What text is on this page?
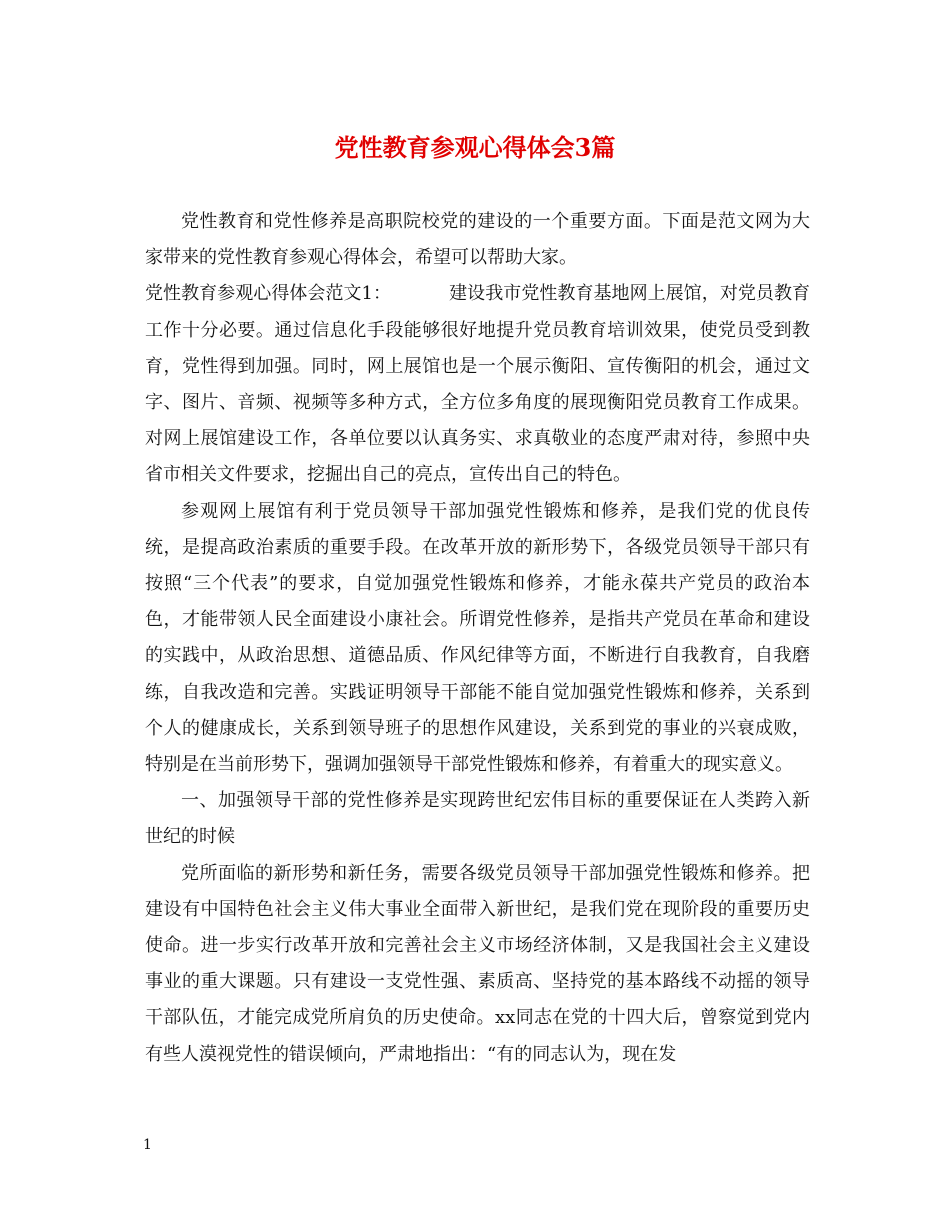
党性教育参观心得体会3篇

党性教育和党性修养是高职院校党的建设的一个重要方面。下面是范文网为大家带来的党性教育参观心得体会，希望可以帮助大家。

党性教育参观心得体会范文1：	建设我市党性教育基地网上展馆，对党员教育工作十分必要。通过信息化手段能够很好地提升党员教育培训效果，使党员受到教育，党性得到加强。同时，网上展馆也是一个展示衡阳、宣传衡阳的机会，通过文字、图片、音频、视频等多种方式，全方位多角度的展现衡阳党员教育工作成果。对网上展馆建设工作，各单位要以认真务实、求真敬业的态度严肃对待，参照中央省市相关文件要求，挖掘出自己的亮点，宣传出自己的特色。

参观网上展馆有利于党员领导干部加强党性锻炼和修养，是我们党的优良传统，是提高政治素质的重要手段。在改革开放的新形势下，各级党员领导干部只有按照“三个代表”的要求，自觉加强党性锻炼和修养，才能永葆共产党员的政治本色，才能带领人民全面建设小康社会。所谓党性修养，是指共产党员在革命和建设的实践中，从政治思想、道德品质、作风纪律等方面，不断进行自我教育，自我磨练，自我改造和完善。实践证明领导干部能不能自觉加强党性锻炼和修养，关系到个人的健康成长，关系到领导班子的思想作风建设，关系到党的事业的兴衰成败，特别是在当前形势下，强调加强领导干部党性锻炼和修养，有着重大的现实意义。

一、加强领导干部的党性修养是实现跨世纪宏伟目标的重要保证在人类跨入新世纪的时候

党所面临的新形势和新任务，需要各级党员领导干部加强党性锻炼和修养。把建设有中国特色社会主义伟大事业全面带入新世纪，是我们党在现阶段的重要历史使命。进一步实行改革开放和完善社会主义市场经济体制，又是我国社会主义建设事业的重大课题。只有建设一支党性强、素质高、坚持党的基本路线不动摇的领导干部队伍，才能完成党所肩负的历史使命。xx同志在党的十四大后，曾察觉到党内有些人漠视党性的错误倾向，严肃地指出：“有的同志认为，现在发

1
